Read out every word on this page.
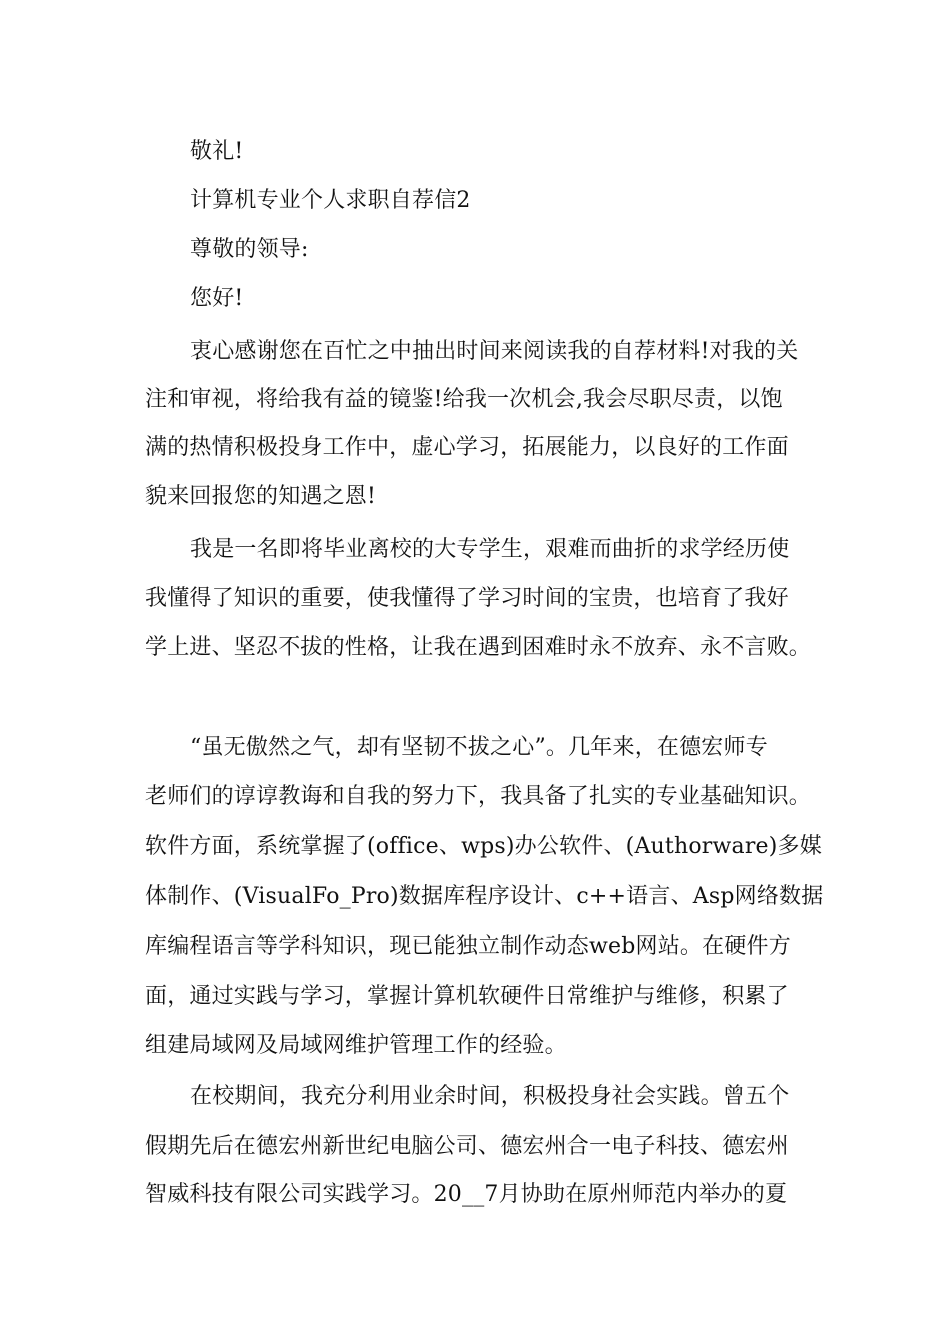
敬礼!
计算机专业个人求职自荐信2
尊敬的领导:
您好!
衷心感谢您在百忙之中抽出时间来阅读我的自荐材料!对我的关
注和审视，将给我有益的镜鉴!给我一次机会,我会尽职尽责，以饱
满的热情积极投身工作中，虚心学习，拓展能力，以良好的工作面
貌来回报您的知遇之恩!
我是一名即将毕业离校的大专学生，艰难而曲折的求学经历使
我懂得了知识的重要，使我懂得了学习时间的宝贵，也培育了我好
学上进、坚忍不拔的性格，让我在遇到困难时永不放弃、永不言败。
“虽无傲然之气，却有坚韧不拔之心”。几年来，在德宏师专
老师们的谆谆教诲和自我的努力下，我具备了扎实的专业基础知识。
软件方面，系统掌握了(office、wps)办公软件、(Authorware)多媒
体制作、(VisualFo_Pro)数据库程序设计、c++语言、Asp网络数据
库编程语言等学科知识，现已能独立制作动态web网站。在硬件方
面，通过实践与学习，掌握计算机软硬件日常维护与维修，积累了
组建局域网及局域网维护管理工作的经验。
在校期间，我充分利用业余时间，积极投身社会实践。曾五个
假期先后在德宏州新世纪电脑公司、德宏州合一电子科技、德宏州
智威科技有限公司实践学习。20__7月协助在原州师范内举办的夏
